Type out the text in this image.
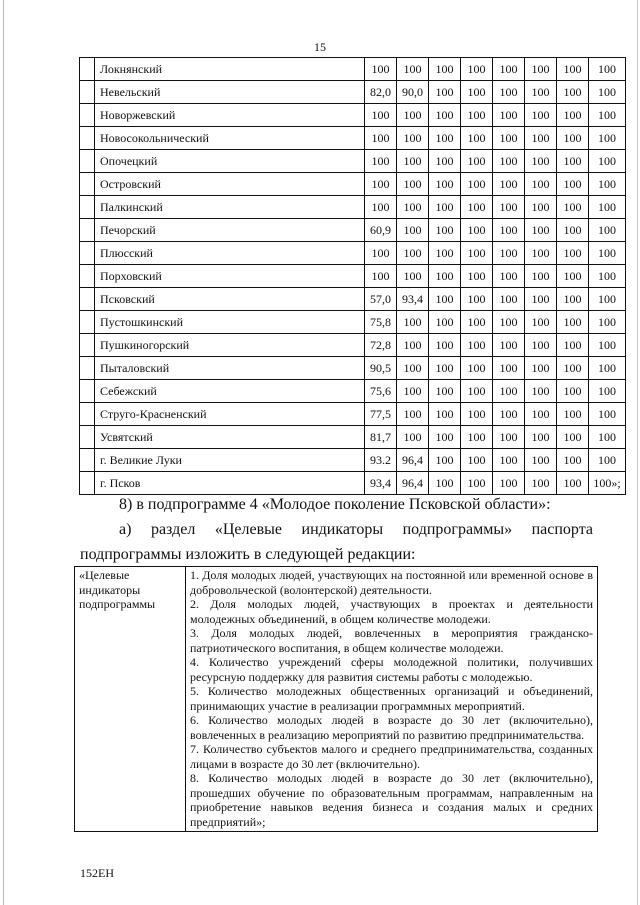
15
	Локнянский	100	100	100	100	100	100	100	100
	Невельский	82,0	90,0	100	100	100	100	100	100
	Новоржевский	100	100	100	100	100	100	100	100
	Новосокольнический	100	100	100	100	100	100	100	100
	Опочецкий	100	100	100	100	100	100	100	100
	Островский	100	100	100	100	100	100	100	100
	Палкинский	100	100	100	100	100	100	100	100
	Печорский	60,9	100	100	100	100	100	100	100
	Плюсский	100	100	100	100	100	100	100	100
	Порховский	100	100	100	100	100	100	100	100
	Псковский	57,0	93,4	100	100	100	100	100	100
	Пустошкинский	75,8	100	100	100	100	100	100	100
	Пушкиногорский	72,8	100	100	100	100	100	100	100
	Пыталовский	90,5	100	100	100	100	100	100	100
	Себежский	75,6	100	100	100	100	100	100	100
	Струго-Красненский	77,5	100	100	100	100	100	100	100
	Усвятский	81,7	100	100	100	100	100	100	100
	г. Великие Луки	93.2	96,4	100	100	100	100	100	100
	г. Псков	93,4	96,4	100	100	100	100	100	100»;
8) в подпрограмме 4 «Молодое поколение Псковской области»:
а) раздел «Целевые индикаторы подпрограммы» паспорта
подпрограммы изложить в следующей редакции:
«Целевые индикаторы подпрограммы	
1. Доля молодых людей, участвующих на постоянной или временной основе в добровольческой (волонтерской) деятельности.
2. Доля молодых людей, участвующих в проектах и деятельности молодежных объединений, в общем количестве молодежи.
3. Доля молодых людей, вовлеченных в мероприятия гражданско-патриотического воспитания, в общем количестве молодежи.
4. Количество учреждений сферы молодежной политики, получивших ресурсную поддержку для развития системы работы с молодежью.
5. Количество молодежных общественных организаций и объединений, принимающих участие в реализации программных мероприятий.
6. Количество молодых людей в возрасте до 30 лет (включительно), вовлеченных в реализацию мероприятий по развитию предпринимательства.
7. Количество субъектов малого и среднего предпринимательства, созданных лицами в возрасте до 30 лет (включительно).
8. Количество молодых людей в возрасте до 30 лет (включительно), прошедших обучение по образовательным программам, направленным на приобретение навыков ведения бизнеса и создания малых и средних предприятий»;
152ЕН
